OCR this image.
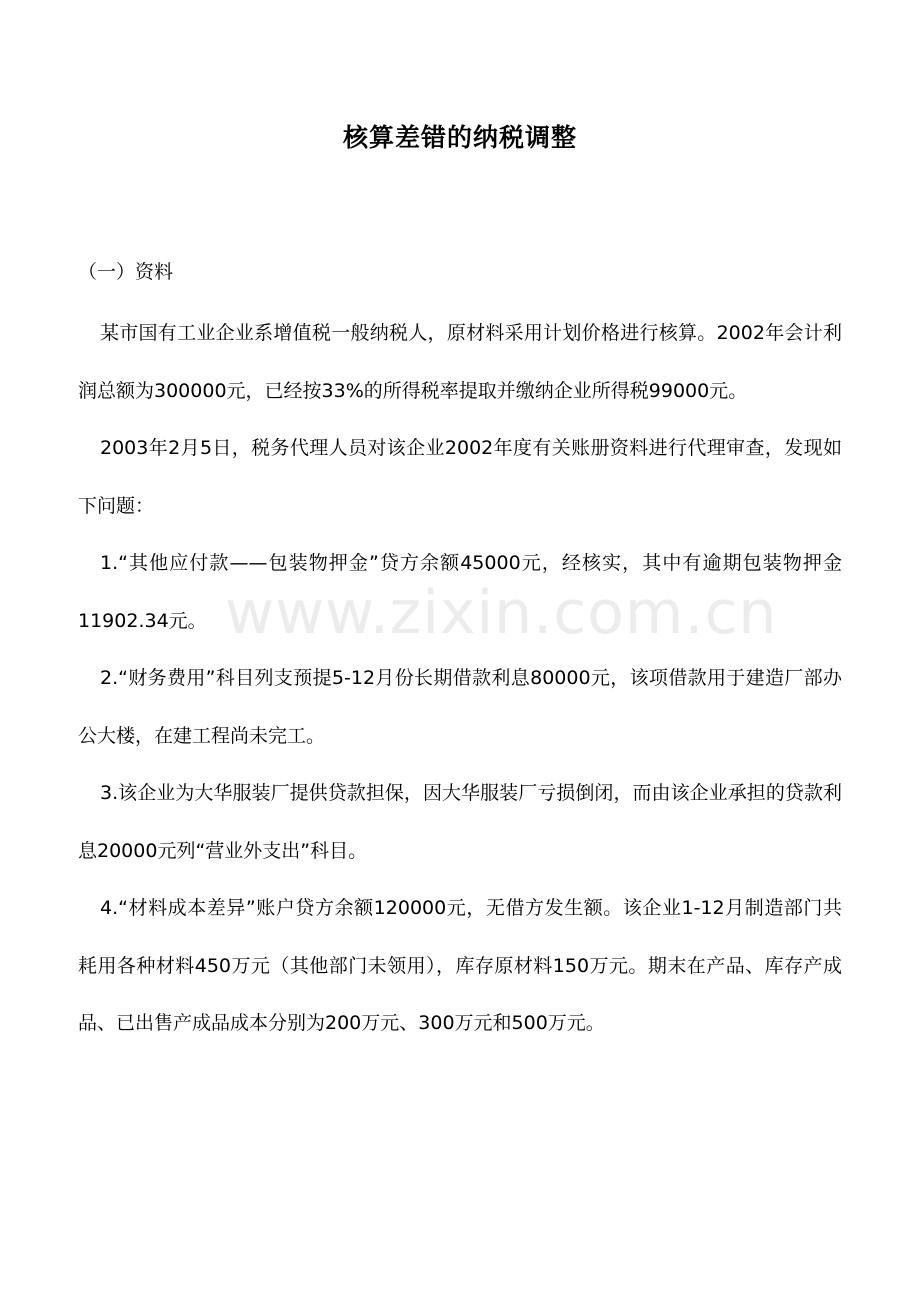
www.zixin.com.cn
核算差错的纳税调整

（一）资料

某市国有工业企业系增值税一般纳税人，原材料采用计划价格进行核算。2002年会计利润总额为300000元，已经按33%的所得税率提取并缴纳企业所得税99000元。

2003年2月5日，税务代理人员对该企业2002年度有关账册资料进行代理审查，发现如下问题：

1.“其他应付款——包装物押金”贷方余额45000元，经核实，其中有逾期包装物押金11902.34元。

2.“财务费用”科目列支预提5-12月份长期借款利息80000元，该项借款用于建造厂部办公大楼，在建工程尚未完工。

3.该企业为大华服装厂提供贷款担保，因大华服装厂亏损倒闭，而由该企业承担的贷款利息20000元列“营业外支出”科目。

4.“材料成本差异”账户贷方余额120000元，无借方发生额。该企业1-12月制造部门共耗用各种材料450万元（其他部门未领用），库存原材料150万元。期末在产品、库存产成品、已出售产成品成本分别为200万元、300万元和500万元。
